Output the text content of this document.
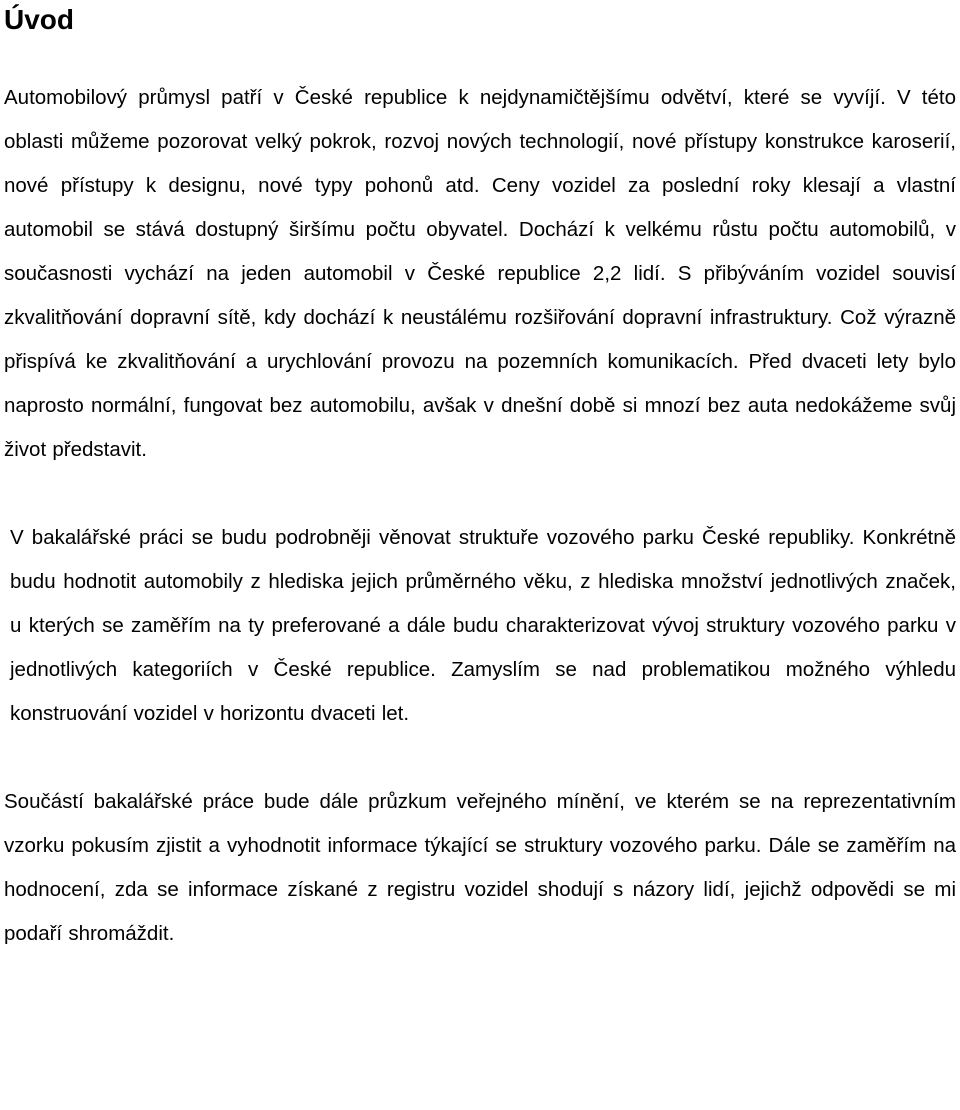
Úvod

Automobilový průmysl patří v České republice k nejdynamičtějšímu odvětví, které se vyvíjí. V této oblasti můžeme pozorovat velký pokrok, rozvoj nových technologií, nové přístupy konstrukce karoserií, nové přístupy k designu, nové typy pohonů atd. Ceny vozidel za poslední roky klesají a vlastní automobil se stává dostupný širšímu počtu obyvatel. Dochází k velkému růstu počtu automobilů, v současnosti vychází na jeden automobil v České republice 2,2 lidí. S přibýváním vozidel souvisí zkvalitňování dopravní sítě, kdy dochází k neustálému rozšiřování dopravní infrastruktury. Což výrazně přispívá ke zkvalitňování a urychlování provozu na pozemních komunikacích. Před dvaceti lety bylo naprosto normální, fungovat bez automobilu, avšak v dnešní době si mnozí bez auta nedokážeme svůj život představit.

V bakalářské práci se budu podrobněji věnovat struktuře vozového parku České republiky. Konkrétně budu hodnotit automobily z hlediska jejich průměrného věku, z hlediska množství jednotlivých značek, u kterých se zaměřím na ty preferované a dále budu charakterizovat vývoj struktury vozového parku v jednotlivých kategoriích v České republice. Zamyslím se nad problematikou možného výhledu konstruování vozidel v horizontu dvaceti let.

Součástí bakalářské práce bude dále průzkum veřejného mínění, ve kterém se na reprezentativním vzorku pokusím zjistit a vyhodnotit informace týkající se struktury vozového parku. Dále se zaměřím na hodnocení, zda se informace získané z registru vozidel shodují s názory lidí, jejichž odpovědi se mi podaří shromáždit.
